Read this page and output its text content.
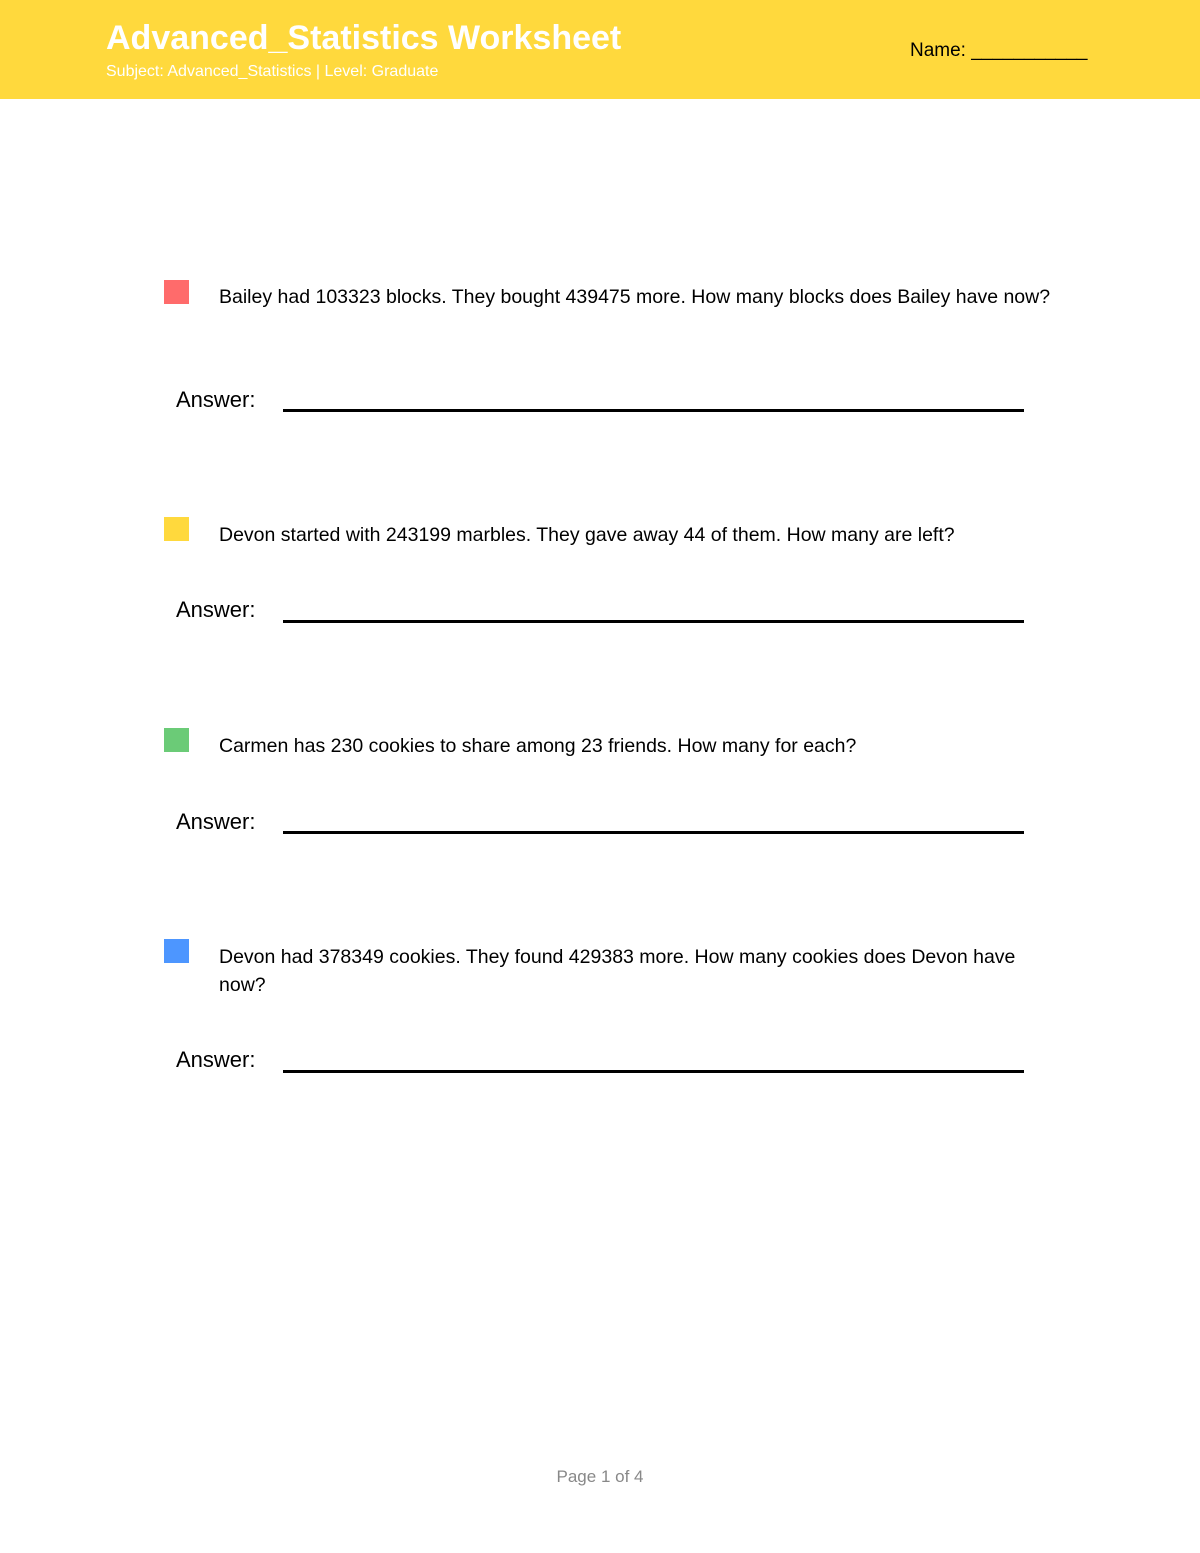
Advanced_Statistics Worksheet
Subject: Advanced_Statistics | Level: Graduate
Name: ___________
Bailey had 103323 blocks. They bought 439475 more. How many blocks does Bailey have now?
Answer:
Devon started with 243199 marbles. They gave away 44 of them. How many are left?
Answer:
Carmen has 230 cookies to share among 23 friends. How many for each?
Answer:
Devon had 378349 cookies. They found 429383 more. How many cookies does Devon have now?
Answer:
Page 1 of 4
